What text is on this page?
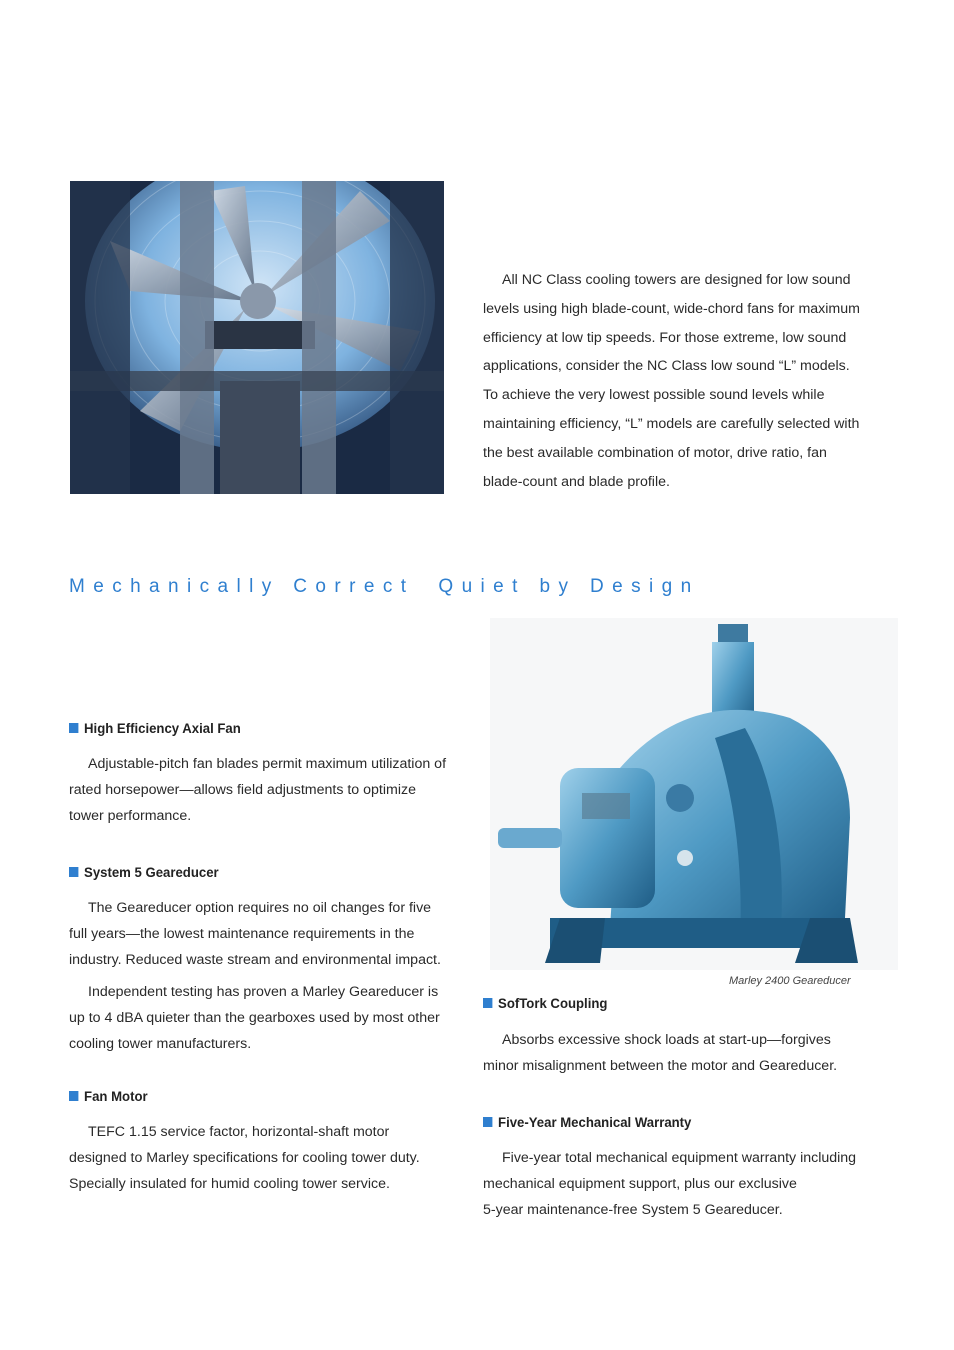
All NC Class cooling towers are designed for low sound levels using high blade-count, wide-chord fans for maximum efficiency at low tip speeds. For those extreme, low sound applications, consider the NC Class low sound “L” models. To achieve the very lowest possible sound levels while maintaining efficiency, “L” models are carefully selected with the best available combination of motor, drive ratio, fan blade-count and blade profile.

Mechanically Correct Quiet by Design
High Efficiency Axial Fan

Adjustable-pitch fan blades permit maximum utilization of rated horsepower—allows field adjustments to optimize tower performance.

System 5 Geareducer

The Geareducer option requires no oil changes for five full years—the lowest maintenance requirements in the industry. Reduced waste stream and environmental impact.

Independent testing has proven a Marley Geareducer is up to 4 dBA quieter than the gearboxes used by most other cooling tower manufacturers.

Fan Motor

TEFC 1.15 service factor, horizontal-shaft motor designed to Marley specifications for cooling tower duty. Specially insulated for humid cooling tower service.

Marley 2400 Geareducer
SofTork Coupling

Absorbs excessive shock loads at start-up—forgives minor misalignment between the motor and Geareducer.

Five-Year Mechanical Warranty

Five-year total mechanical equipment warranty including mechanical equipment support, plus our exclusive

5-year maintenance-free System 5 Geareducer.
